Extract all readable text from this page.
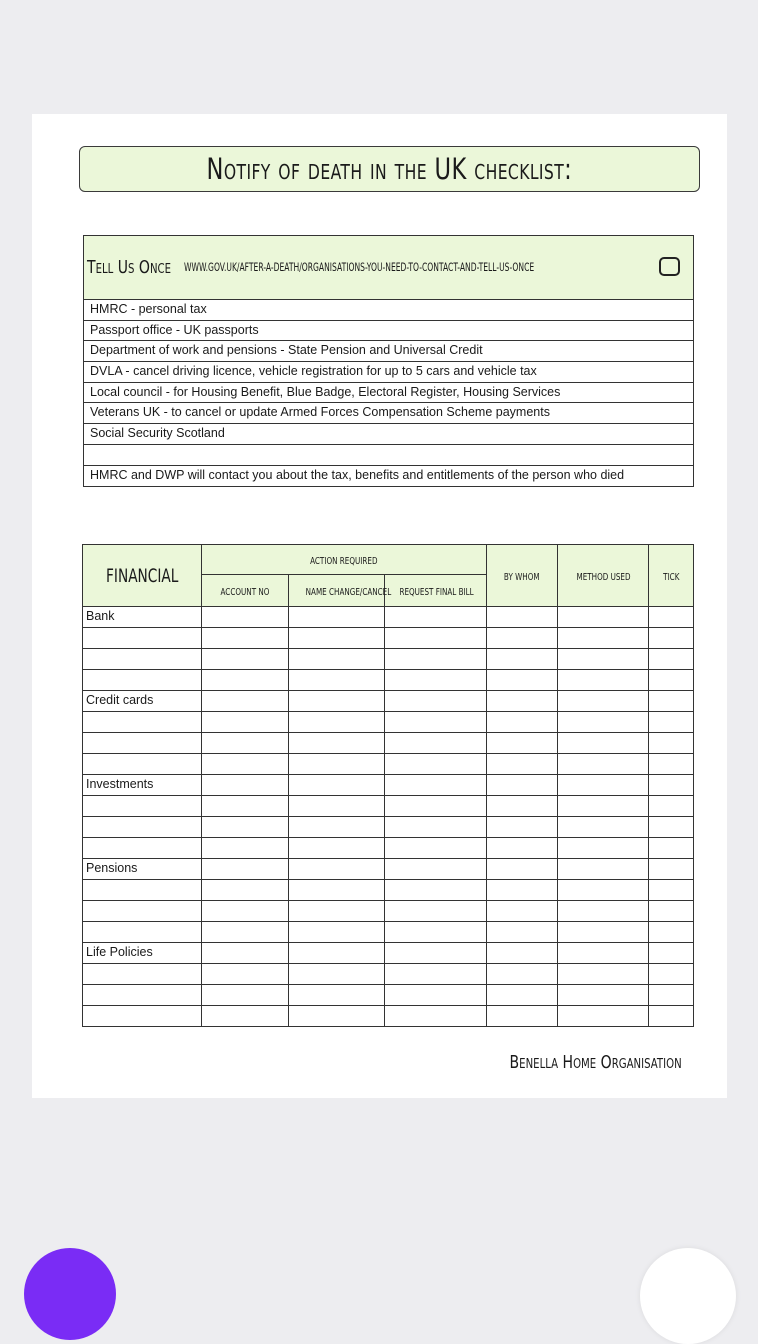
Notify of death in the UK checklist:
Tell Us Once WWW.GOV.UK/AFTER-A-DEATH/ORGANISATIONS-YOU-NEED-TO-CONTACT-AND-TELL-US-ONCE
HMRC - personal tax
Passport office - UK passports
Department of work and pensions - State Pension and Universal Credit
DVLA - cancel driving licence, vehicle registration for up to 5 cars and vehicle tax
Local council - for Housing Benefit, Blue Badge, Electoral Register, Housing Services
Veterans UK - to cancel or update Armed Forces Compensation Scheme payments
Social Security Scotland
HMRC and DWP will contact you about the tax, benefits and entitlements of the person who died
FINANCIAL	ACTION REQUIRED			BY WHOM	METHOD USED	TICK
	ACCOUNT NO	NAME CHANGE/CANCEL	REQUEST FINAL BILL			
Bank						

Credit cards						

Investments						

Pensions						

Life Policies						

Benella Home Organisation
